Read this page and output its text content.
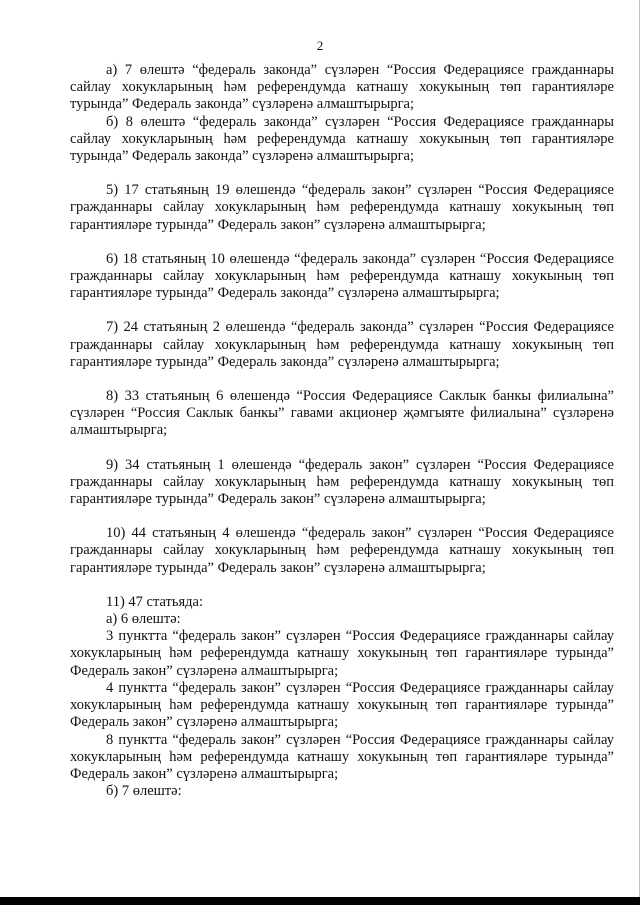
2

а) 7 өлештә “федераль законда” сүзләрен “Россия Федерациясе гражданнары сайлау хокукларының һәм референдумда катнашу хокукының төп гарантияләре турында” Федераль законда” сүзләренә алмаштырырга;

б) 8 өлештә “федераль законда” сүзләрен “Россия Федерациясе гражданнары сайлау хокукларының һәм референдумда катнашу хокукының төп гарантияләре турында” Федераль законда” сүзләренә алмаштырырга;

5) 17 статьяның 19 өлешендә “федераль закон” сүзләрен “Россия Федерациясе гражданнары сайлау хокукларының һәм референдумда катнашу хокукының төп гарантияләре турында” Федераль закон” сүзләренә алмаштырырга;

6) 18 статьяның 10 өлешендә “федераль законда” сүзләрен “Россия Федерациясе гражданнары сайлау хокукларының һәм референдумда катнашу хокукының төп гарантияләре турында” Федераль законда” сүзләренә алмаштырырга;

7) 24 статьяның 2 өлешендә “федераль законда” сүзләрен “Россия Федерациясе гражданнары сайлау хокукларының һәм референдумда катнашу хокукының төп гарантияләре турында” Федераль законда” сүзләренә алмаштырырга;

8) 33 статьяның 6 өлешендә “Россия Федерациясе Саклык банкы филиалына” сүзләрен “Россия Саклык банкы” гавами акционер җәмгыяте филиалына” сүзләренә алмаштырырга;

9) 34 статьяның 1 өлешендә “федераль закон” сүзләрен “Россия Федерациясе гражданнары сайлау хокукларының һәм референдумда катнашу хокукының төп гарантияләре турында” Федераль закон” сүзләренә алмаштырырга;

10) 44 статьяның 4 өлешендә “федераль закон” сүзләрен “Россия Федерациясе гражданнары сайлау хокукларының һәм референдумда катнашу хокукының төп гарантияләре турында” Федераль закон” сүзләренә алмаштырырга;

11) 47 статьяда:

а) 6 өлештә:

3 пунктта “федераль закон” сүзләрен “Россия Федерациясе гражданнары сайлау хокукларының һәм референдумда катнашу хокукының төп гарантияләре турында” Федераль закон” сүзләренә алмаштырырга;

4 пунктта “федераль закон” сүзләрен “Россия Федерациясе гражданнары сайлау хокукларының һәм референдумда катнашу хокукының төп гарантияләре турында” Федераль закон” сүзләренә алмаштырырга;

8 пунктта “федераль закон” сүзләрен “Россия Федерациясе гражданнары сайлау хокукларының һәм референдумда катнашу хокукының төп гарантияләре турында” Федераль закон” сүзләренә алмаштырырга;

б) 7 өлештә:
